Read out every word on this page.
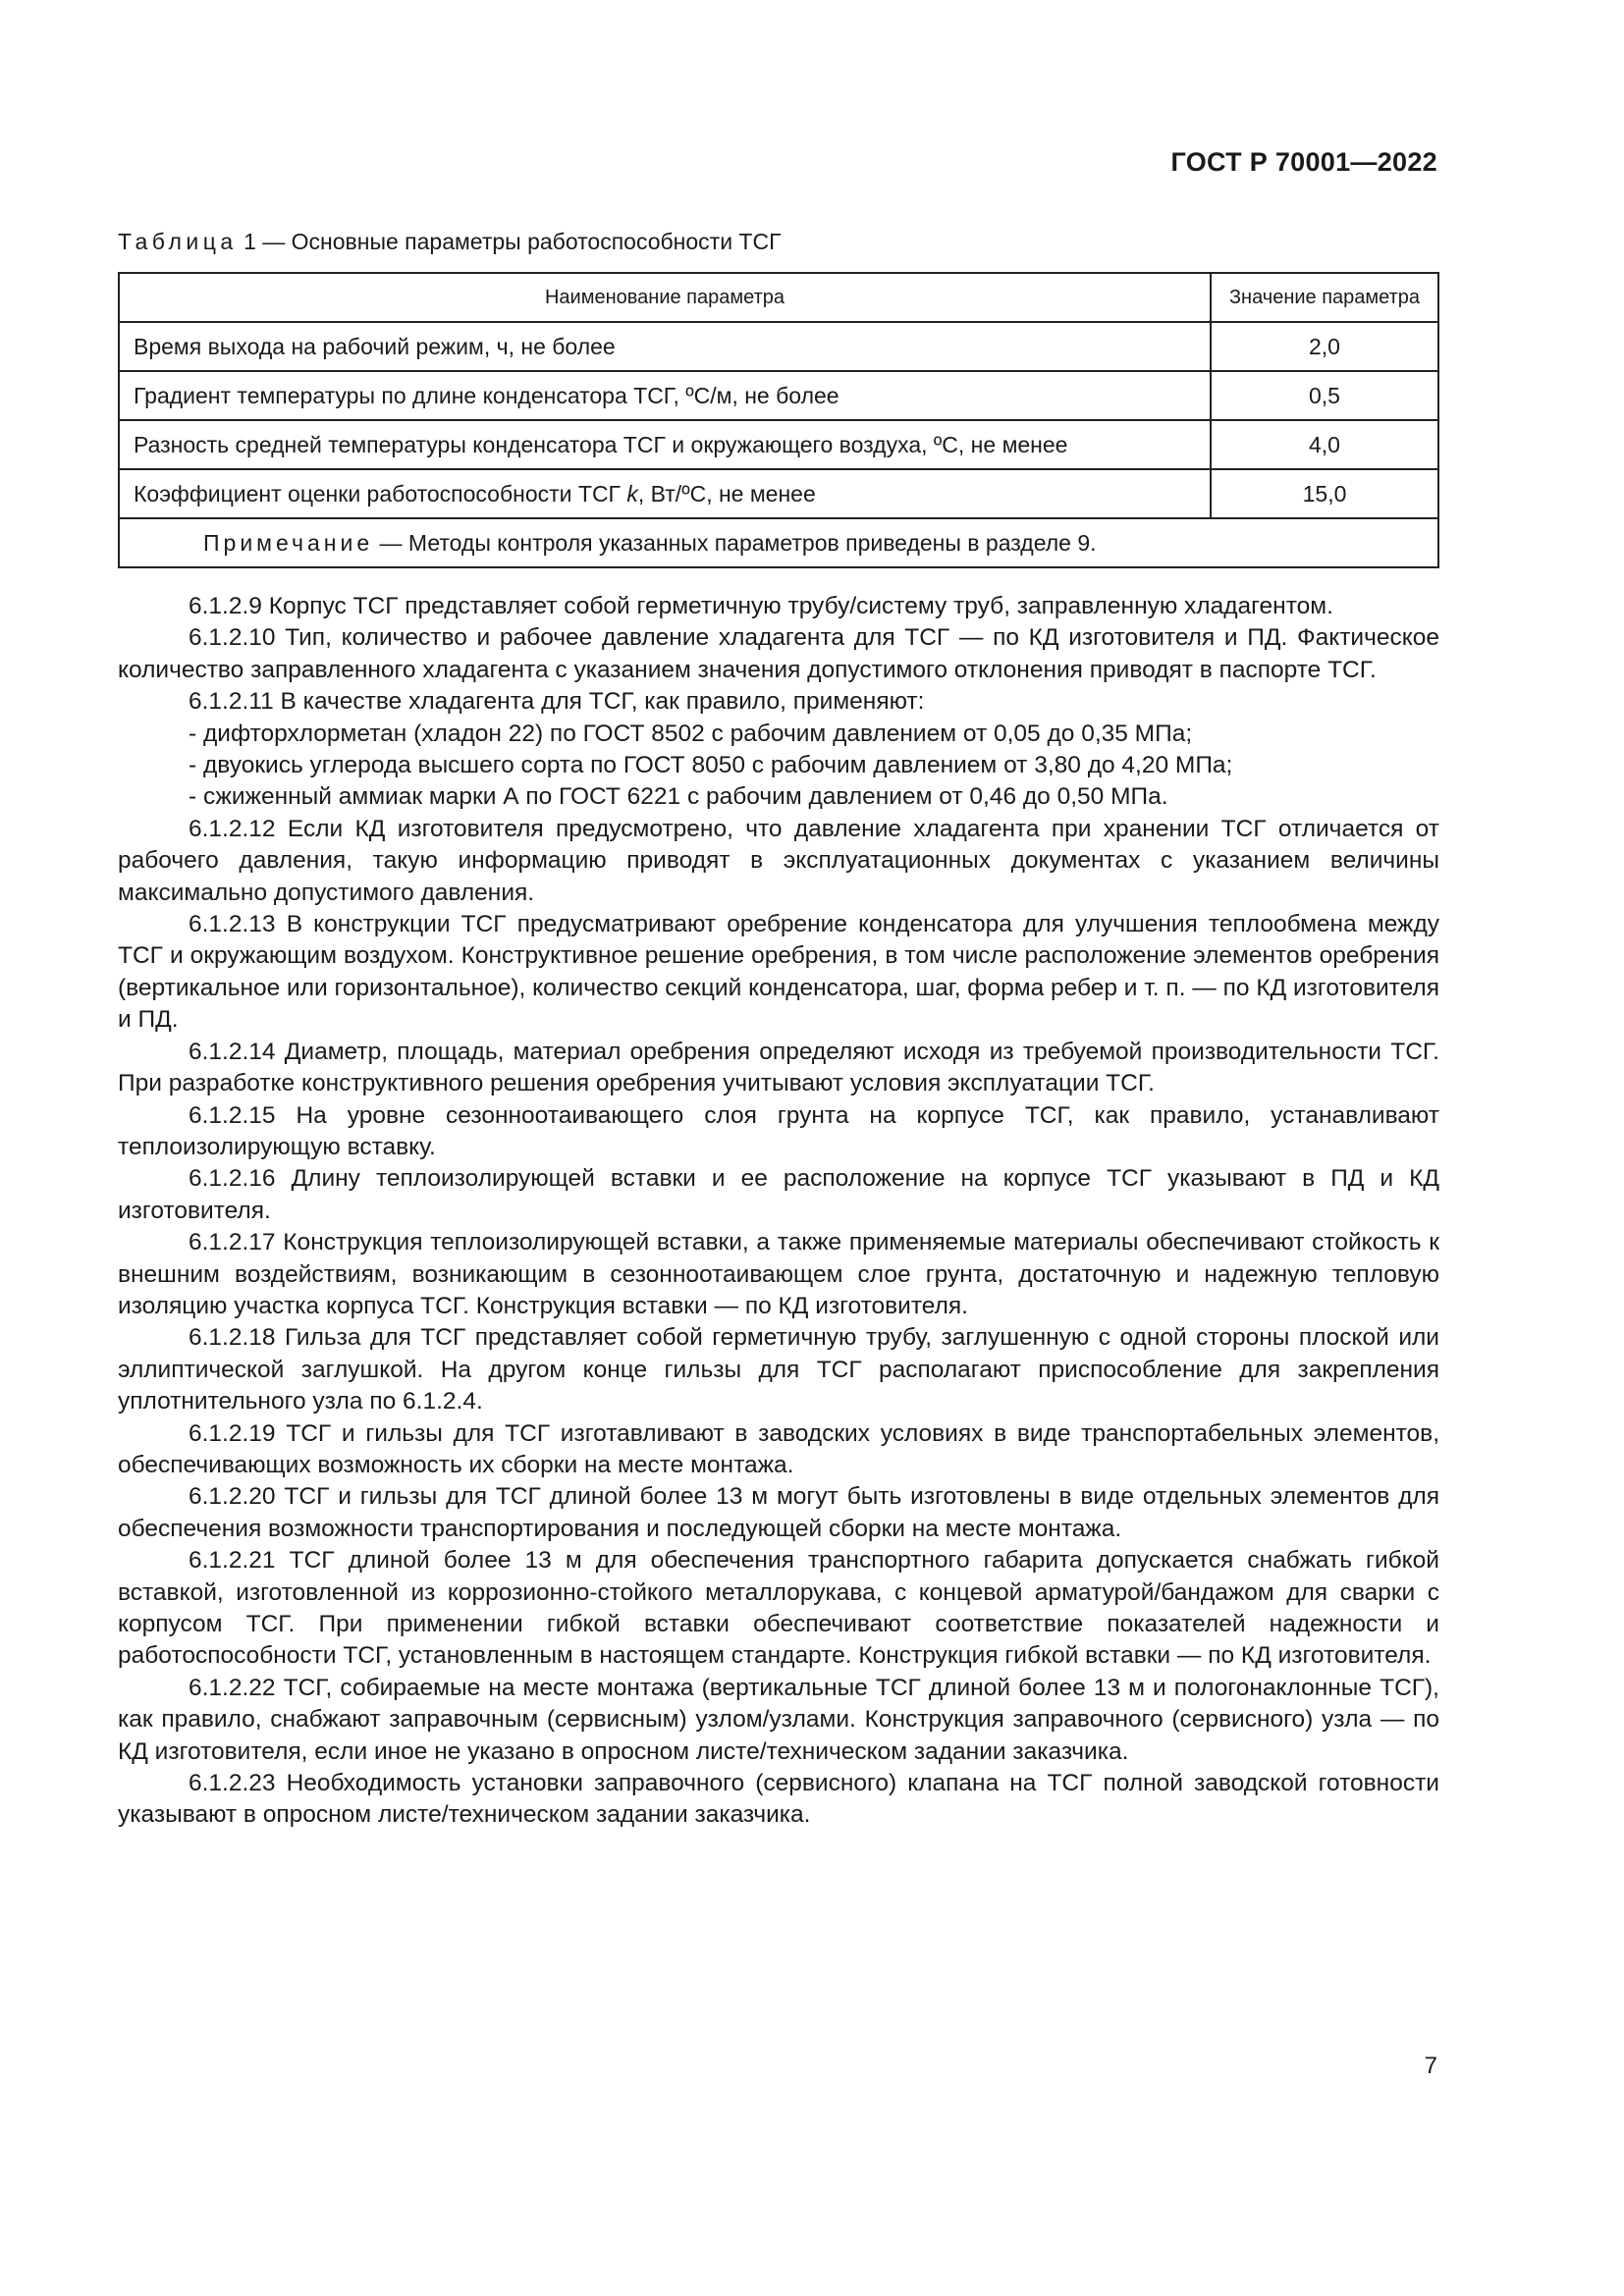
ГОСТ Р 70001—2022
Таблица 1 — Основные параметры работоспособности ТСГ
Наименование параметра	Значение параметра
Время выхода на рабочий режим, ч, не более	2,0
Градиент температуры по длине конденсатора ТСГ, ºС/м, не более	0,5
Разность средней температуры конденсатора ТСГ и окружающего воздуха, ºС, не менее	4,0
Коэффициент оценки работоспособности ТСГ k, Вт/ºС, не менее	15,0
Примечание — Методы контроля указанных параметров приведены в разделе 9.	

6.1.2.9 Корпус ТСГ представляет собой герметичную трубу/систему труб, заправленную хладагентом.

6.1.2.10 Тип, количество и рабочее давление хладагента для ТСГ — по КД изготовителя и ПД. Фактическое количество заправленного хладагента с указанием значения допустимого отклонения приводят в паспорте ТСГ.

6.1.2.11 В качестве хладагента для ТСГ, как правило, применяют:

- дифторхлорметан (хладон 22) по ГОСТ 8502 с рабочим давлением от 0,05 до 0,35 МПа;

- двуокись углерода высшего сорта по ГОСТ 8050 с рабочим давлением от 3,80 до 4,20 МПа;

- сжиженный аммиак марки А по ГОСТ 6221 с рабочим давлением от 0,46 до 0,50 МПа.

6.1.2.12 Если КД изготовителя предусмотрено, что давление хладагента при хранении ТСГ отличается от рабочего давления, такую информацию приводят в эксплуатационных документах с указанием величины максимально допустимого давления.

6.1.2.13 В конструкции ТСГ предусматривают оребрение конденсатора для улучшения теплообмена между ТСГ и окружающим воздухом. Конструктивное решение оребрения, в том числе расположение элементов оребрения (вертикальное или горизонтальное), количество секций конденсатора, шаг, форма ребер и т. п. — по КД изготовителя и ПД.

6.1.2.14 Диаметр, площадь, материал оребрения определяют исходя из требуемой производительности ТСГ. При разработке конструктивного решения оребрения учитывают условия эксплуатации ТСГ.

6.1.2.15 На уровне сезонноотаивающего слоя грунта на корпусе ТСГ, как правило, устанавливают теплоизолирующую вставку.

6.1.2.16 Длину теплоизолирующей вставки и ее расположение на корпусе ТСГ указывают в ПД и КД изготовителя.

6.1.2.17 Конструкция теплоизолирующей вставки, а также применяемые материалы обеспечивают стойкость к внешним воздействиям, возникающим в сезонноотаивающем слое грунта, достаточную и надежную тепловую изоляцию участка корпуса ТСГ. Конструкция вставки — по КД изготовителя.

6.1.2.18 Гильза для ТСГ представляет собой герметичную трубу, заглушенную с одной стороны плоской или эллиптической заглушкой. На другом конце гильзы для ТСГ располагают приспособление для закрепления уплотнительного узла по 6.1.2.4.

6.1.2.19 ТСГ и гильзы для ТСГ изготавливают в заводских условиях в виде транспортабельных элементов, обеспечивающих возможность их сборки на месте монтажа.

6.1.2.20 ТСГ и гильзы для ТСГ длиной более 13 м могут быть изготовлены в виде отдельных элементов для обеспечения возможности транспортирования и последующей сборки на месте монтажа.

6.1.2.21 ТСГ длиной более 13 м для обеспечения транспортного габарита допускается снабжать гибкой вставкой, изготовленной из коррозионно-стойкого металлорукава, с концевой арматурой/бандажом для сварки с корпусом ТСГ. При применении гибкой вставки обеспечивают соответствие показателей надежности и работоспособности ТСГ, установленным в настоящем стандарте. Конструкция гибкой вставки — по КД изготовителя.

6.1.2.22 ТСГ, собираемые на месте монтажа (вертикальные ТСГ длиной более 13 м и пологонаклонные ТСГ), как правило, снабжают заправочным (сервисным) узлом/узлами. Конструкция заправочного (сервисного) узла — по КД изготовителя, если иное не указано в опросном листе/техническом задании заказчика.

6.1.2.23 Необходимость установки заправочного (сервисного) клапана на ТСГ полной заводской готовности указывают в опросном листе/техническом задании заказчика.

7
